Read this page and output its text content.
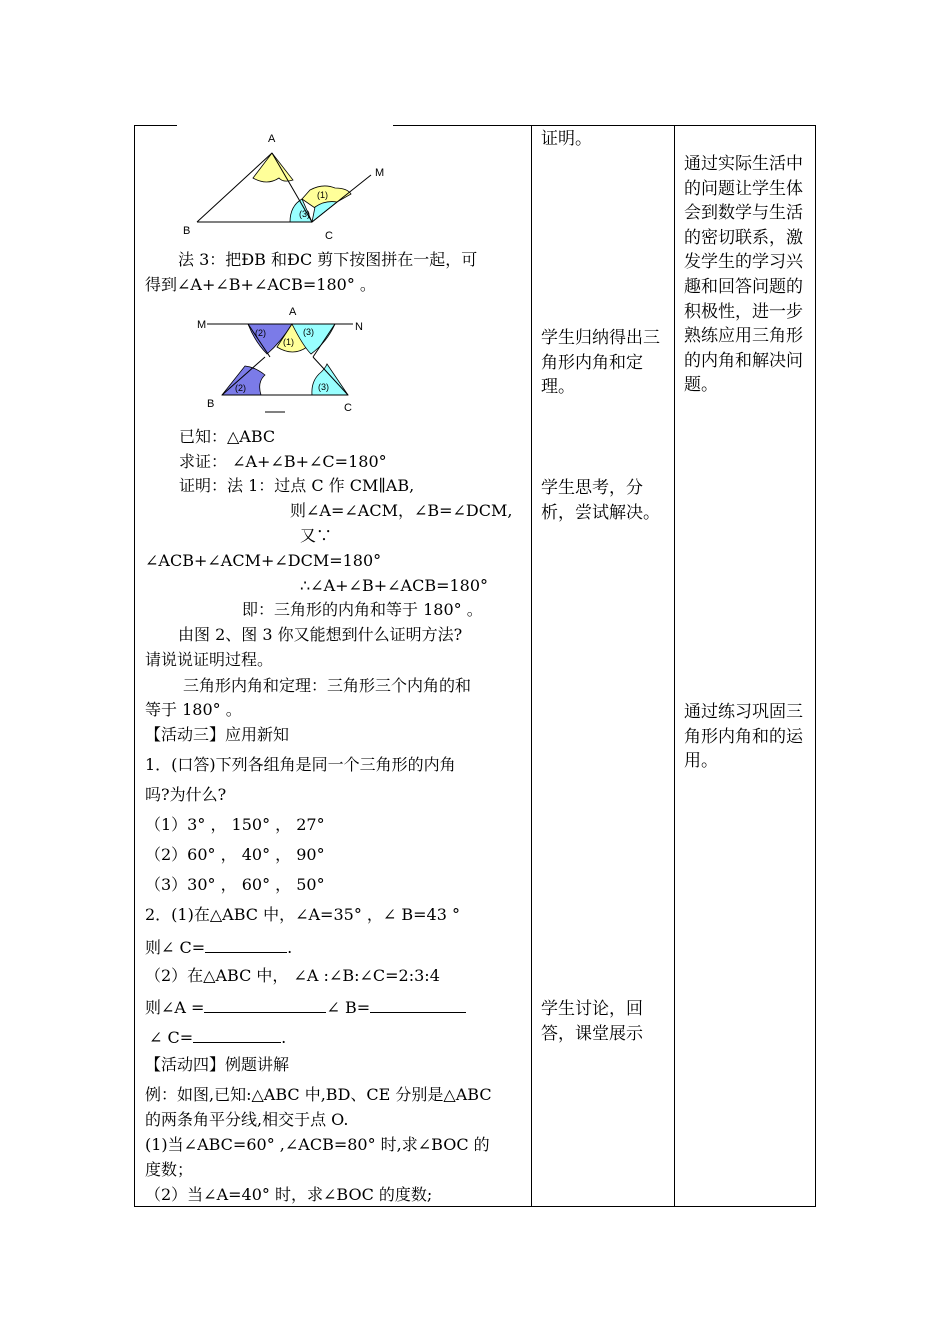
A
B	C
M
(1)
(3)
法 3：把ÐB 和ÐC 剪下按图拼在一起，可
得到∠A+∠B+∠ACB=180° 。
A
M	N
B	C
(2)
(1)
(3)
(2)	(3)
已知：△ABC
求证： ∠A+∠B+∠C=180°
证明：法 1：过点 C 作 CM∥AB,
则∠A=∠ACM，∠B=∠DCM,
又∵
∠ACB+∠ACM+∠DCM=180°
∴∠A+∠B+∠ACB=180°
即：三角形的内角和等于 180° 。
由图 2、图 3 你又能想到什么证明方法?
请说说证明过程。
三角形内角和定理：三角形三个内角的和
等于 180° 。
【活动三】应用新知
1．(口答)下列各组角是同一个三角形的内角
吗?为什么?
（1）3° ， 150° ， 27°
（2）60° ， 40° ， 90°
（3）30° ， 60° ， 50°
2．(1)在△ABC 中，∠A=35° ，∠ B=43 °
则∠ C=	.
（2）在△ABC 中， ∠A :∠B:∠C=2:3:4
则∠A =	∠ B=
∠ C=	.
【活动四】例题讲解
例：如图,已知:△ABC 中,BD、CE 分别是△ABC
的两条角平分线,相交于点 O.
(1)当∠ABC=60° ,∠ACB=80° 时,求∠BOC 的
度数；
（2）当∠A=40° 时，求∠BOC 的度数;
证明。
学生归纳得出三角形内角和定理。
学生思考，分析，尝试解决。
学生讨论，回答，课堂展示
通过实际生活中的问题让学生体会到数学与生活的密切联系，激发学生的学习兴趣和回答问题的积极性，进一步熟练应用三角形的内角和解决问题。
通过练习巩固三角形内角和的运用。
